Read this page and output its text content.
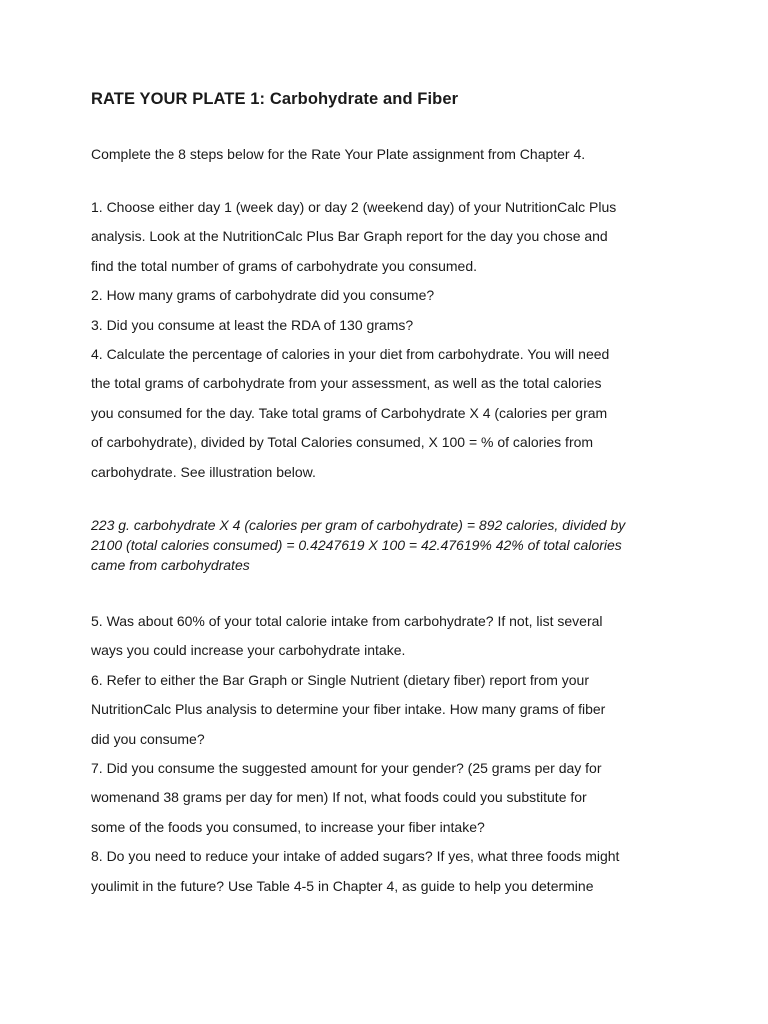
RATE YOUR PLATE 1: Carbohydrate and Fiber

Complete the 8 steps below for the Rate Your Plate assignment from Chapter 4.

1. Choose either day 1 (week day) or day 2 (weekend day) of your NutritionCalc Plus
analysis. Look at the NutritionCalc Plus Bar Graph report for the day you chose and
find the total number of grams of carbohydrate you consumed.

2. How many grams of carbohydrate did you consume?

3. Did you consume at least the RDA of 130 grams?

4. Calculate the percentage of calories in your diet from carbohydrate. You will need
the total grams of carbohydrate from your assessment, as well as the total calories
you consumed for the day. Take total grams of Carbohydrate X 4 (calories per gram
of carbohydrate), divided by Total Calories consumed, X 100 = % of calories from
carbohydrate. See illustration below.

223 g. carbohydrate X 4 (calories per gram of carbohydrate) = 892 calories, divided by
2100 (total calories consumed) = 0.4247619 X 100 = 42.47619% 42% of total calories
came from carbohydrates

5. Was about 60% of your total calorie intake from carbohydrate? If not, list several
ways you could increase your carbohydrate intake.

6. Refer to either the Bar Graph or Single Nutrient (dietary fiber) report from your
NutritionCalc Plus analysis to determine your fiber intake. How many grams of fiber
did you consume?

7. Did you consume the suggested amount for your gender? (25 grams per day for
womenand 38 grams per day for men) If not, what foods could you substitute for
some of the foods you consumed, to increase your fiber intake?

8. Do you need to reduce your intake of added sugars? If yes, what three foods might
youlimit in the future? Use Table 4-5 in Chapter 4, as guide to help you determine
